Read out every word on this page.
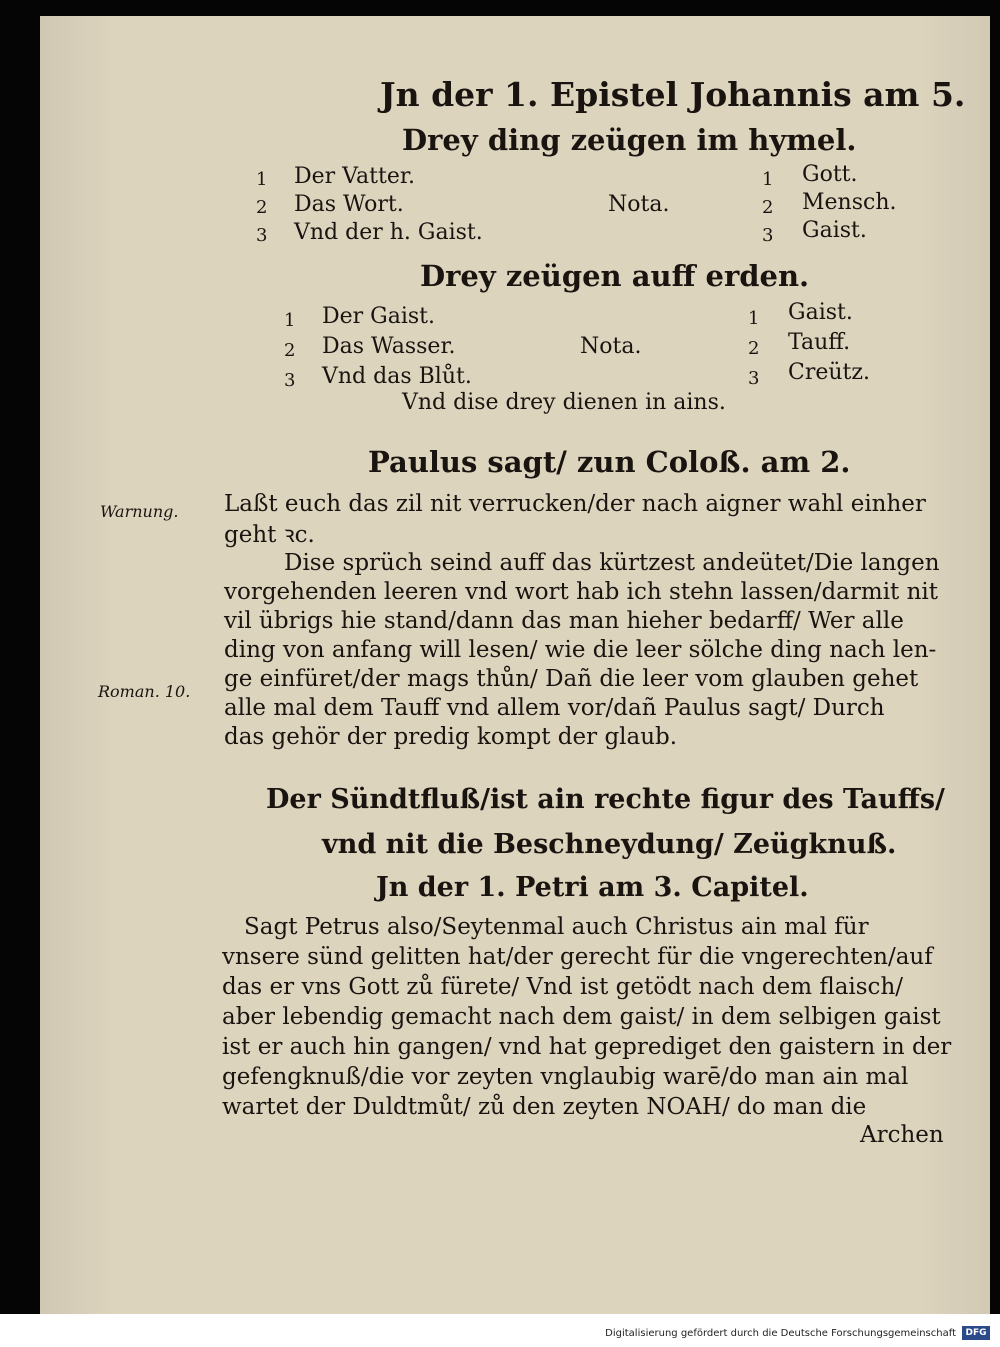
Jn der 1. Epistel Johannis am 5.
Drey ding zeügen im hymel.
1 Der Vatter.
2 Das Wort.
3 Vnd der h. Gaist.
Nota.
1 Gott.
2 Mensch.
3 Gaist.
Drey zeügen auff erden.
1 Der Gaist.
2 Das Wasser.
3 Vnd das Blůt.
Nota.
1 Gaist.
2 Tauff.
3 Creütz.
Vnd dise drey dienen in ains.
Paulus sagt/ zun Coloß. am 2.
Warnung.
Roman. 10.
Laßt euch das zil nit verrucken/der nach aigner wahl einher
geht ꝛc.
Dise sprüch seind auff das kürtzest andeütet/Die langen
vorgehenden leeren vnd wort hab ich stehn lassen/darmit nit
vil übrigs hie stand/dann das man hieher bedarff/ Wer alle
ding von anfang will lesen/ wie die leer sölche ding nach len-
ge einfüret/der mags thůn/ Dañ die leer vom glauben gehet
alle mal dem Tauff vnd allem vor/dañ Paulus sagt/ Durch
das gehör der predig kompt der glaub.
Der Sündtfluß/ist ain rechte figur des Tauffs/
vnd nit die Beschneydung/ Zeügknuß.
Jn der 1. Petri am 3. Capitel.
Sagt Petrus also/Seytenmal auch Christus ain mal für
vnsere sünd gelitten hat/der gerecht für die vngerechten/auf
das er vns Gott zů fürete/ Vnd ist getödt nach dem flaisch/
aber lebendig gemacht nach dem gaist/ in dem selbigen gaist
ist er auch hin gangen/ vnd hat geprediget den gaistern in der
gefengknuß/die vor zeyten vnglaubig warē/do man ain mal
wartet der Duldtmůt/ zů den zeyten NOAH/ do man die
Archen
Digitalisierung gefördert durch die Deutsche Forschungsgemeinschaft	DFG
